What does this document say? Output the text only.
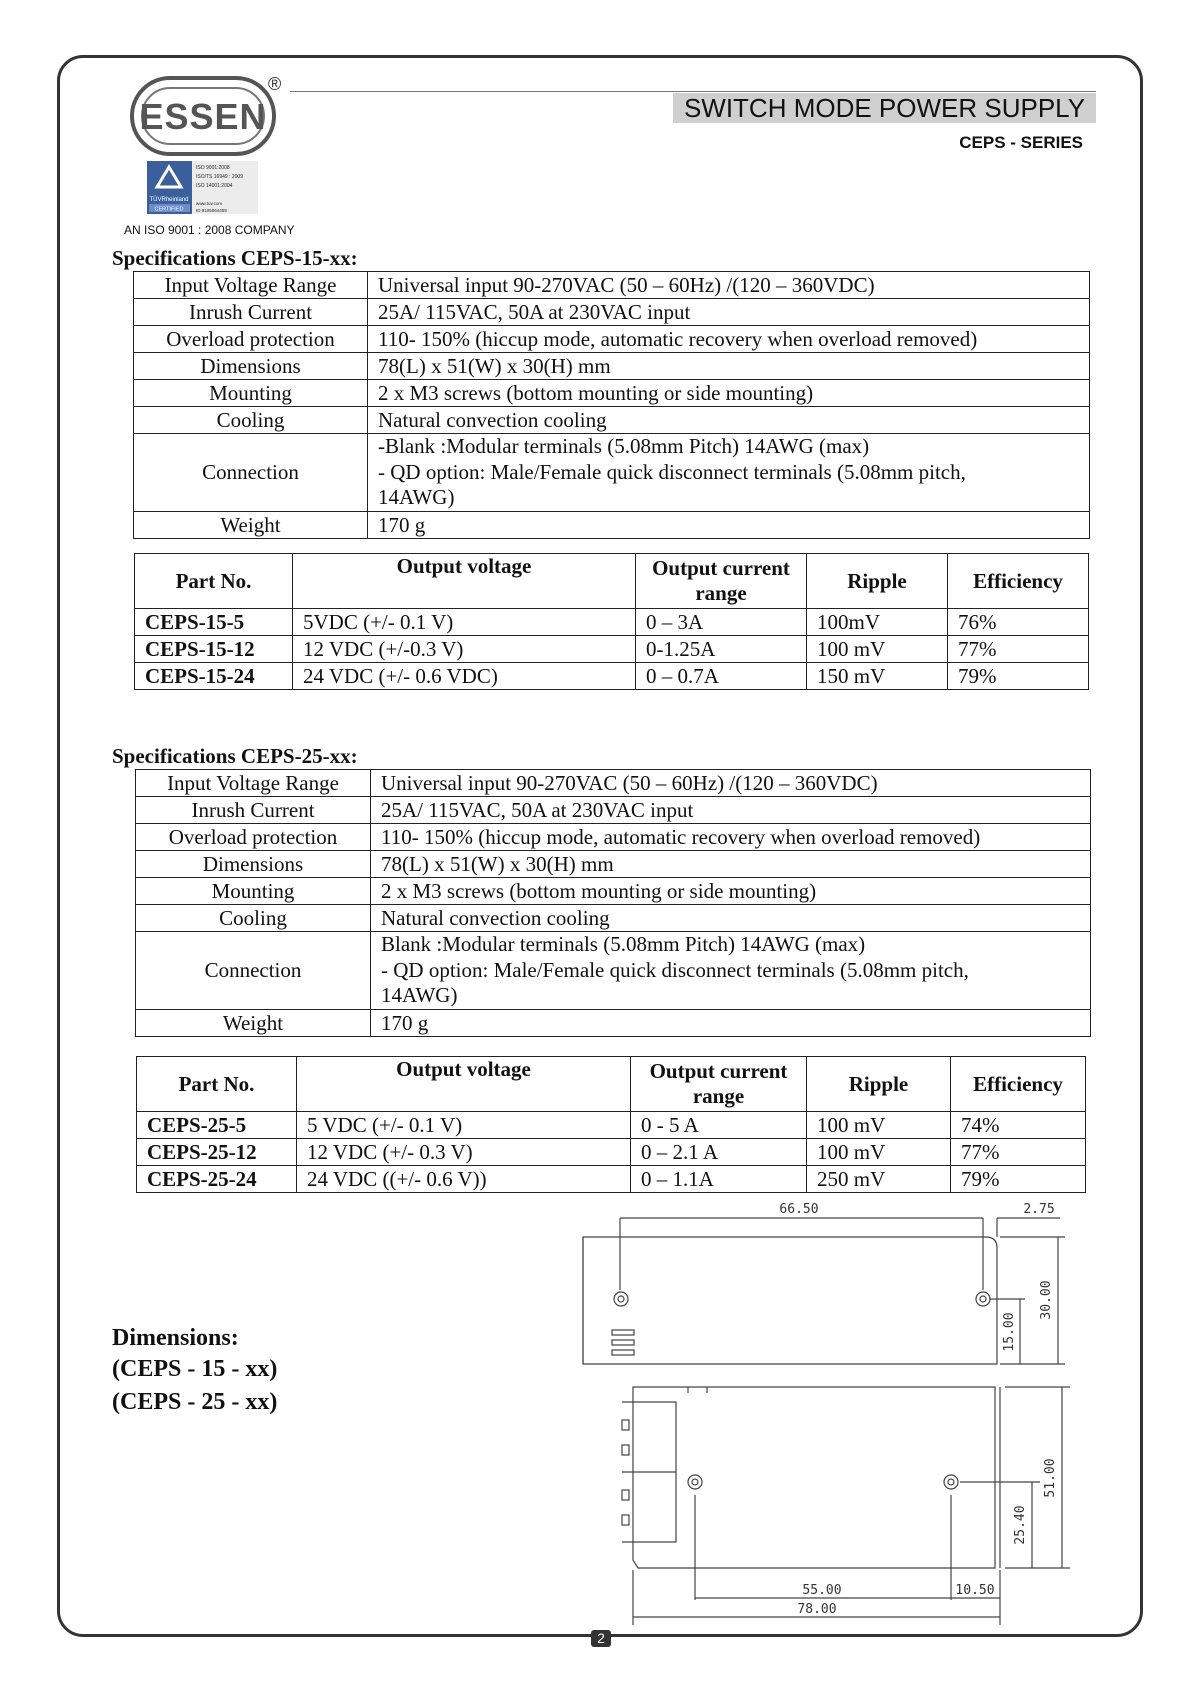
ESSEN
®
SWITCH MODE POWER SUPPLY
CEPS - SERIES
TÜVRheinland
CERTIFIED
ISO 9001:2008
ISO/TS 16949 : 2009
ISO 14001:2004
www.tuv.com
ID 9105064459
AN ISO 9001 : 2008 COMPANY
Specifications CEPS-15-xx:
Input Voltage Range	Universal input 90-270VAC (50 – 60Hz) /(120 – 360VDC)
Inrush Current	25A/ 115VAC, 50A at 230VAC input
Overload protection	110- 150% (hiccup mode, automatic recovery when overload removed)
Dimensions	78(L) x 51(W) x 30(H) mm
Mounting	2 x M3 screws (bottom mounting or side mounting)
Cooling	Natural convection cooling
Connection	-Blank :Modular terminals (5.08mm Pitch) 14AWG (max)
- QD option: Male/Female quick disconnect terminals (5.08mm pitch,
14AWG)

Weight	170 g
Part No.	Output voltage	Output current range	Ripple	Efficiency
CEPS-15-5	5VDC (+/- 0.1 V)	0 – 3A	100mV	76%
CEPS-15-12	12 VDC (+/-0.3 V)	0-1.25A	100 mV	77%
CEPS-15-24	24 VDC (+/- 0.6 VDC)	0 – 0.7A	150 mV	79%
Specifications CEPS-25-xx:
Input Voltage Range	Universal input 90-270VAC (50 – 60Hz) /(120 – 360VDC)
Inrush Current	25A/ 115VAC, 50A at 230VAC input
Overload protection	110- 150% (hiccup mode, automatic recovery when overload removed)
Dimensions	78(L) x 51(W) x 30(H) mm
Mounting	2 x M3 screws (bottom mounting or side mounting)
Cooling	Natural convection cooling
Connection	Blank :Modular terminals (5.08mm Pitch) 14AWG (max)
- QD option: Male/Female quick disconnect terminals (5.08mm pitch,
14AWG)

Weight	170 g
Part No.	Output voltage	Output current range	Ripple	Efficiency
CEPS-25-5	5 VDC (+/- 0.1 V)	0 - 5 A	100 mV	74%
CEPS-25-12	12 VDC (+/- 0.3 V)	0 – 2.1 A	100 mV	77%
CEPS-25-24	24 VDC ((+/- 0.6 V))	0 – 1.1A	250 mV	79%
Dimensions:
(CEPS - 15 - xx)
(CEPS - 25 - xx)
66.50	2.75
30.00
15.00
51.00
25.40
55.00	10.50
78.00
2
